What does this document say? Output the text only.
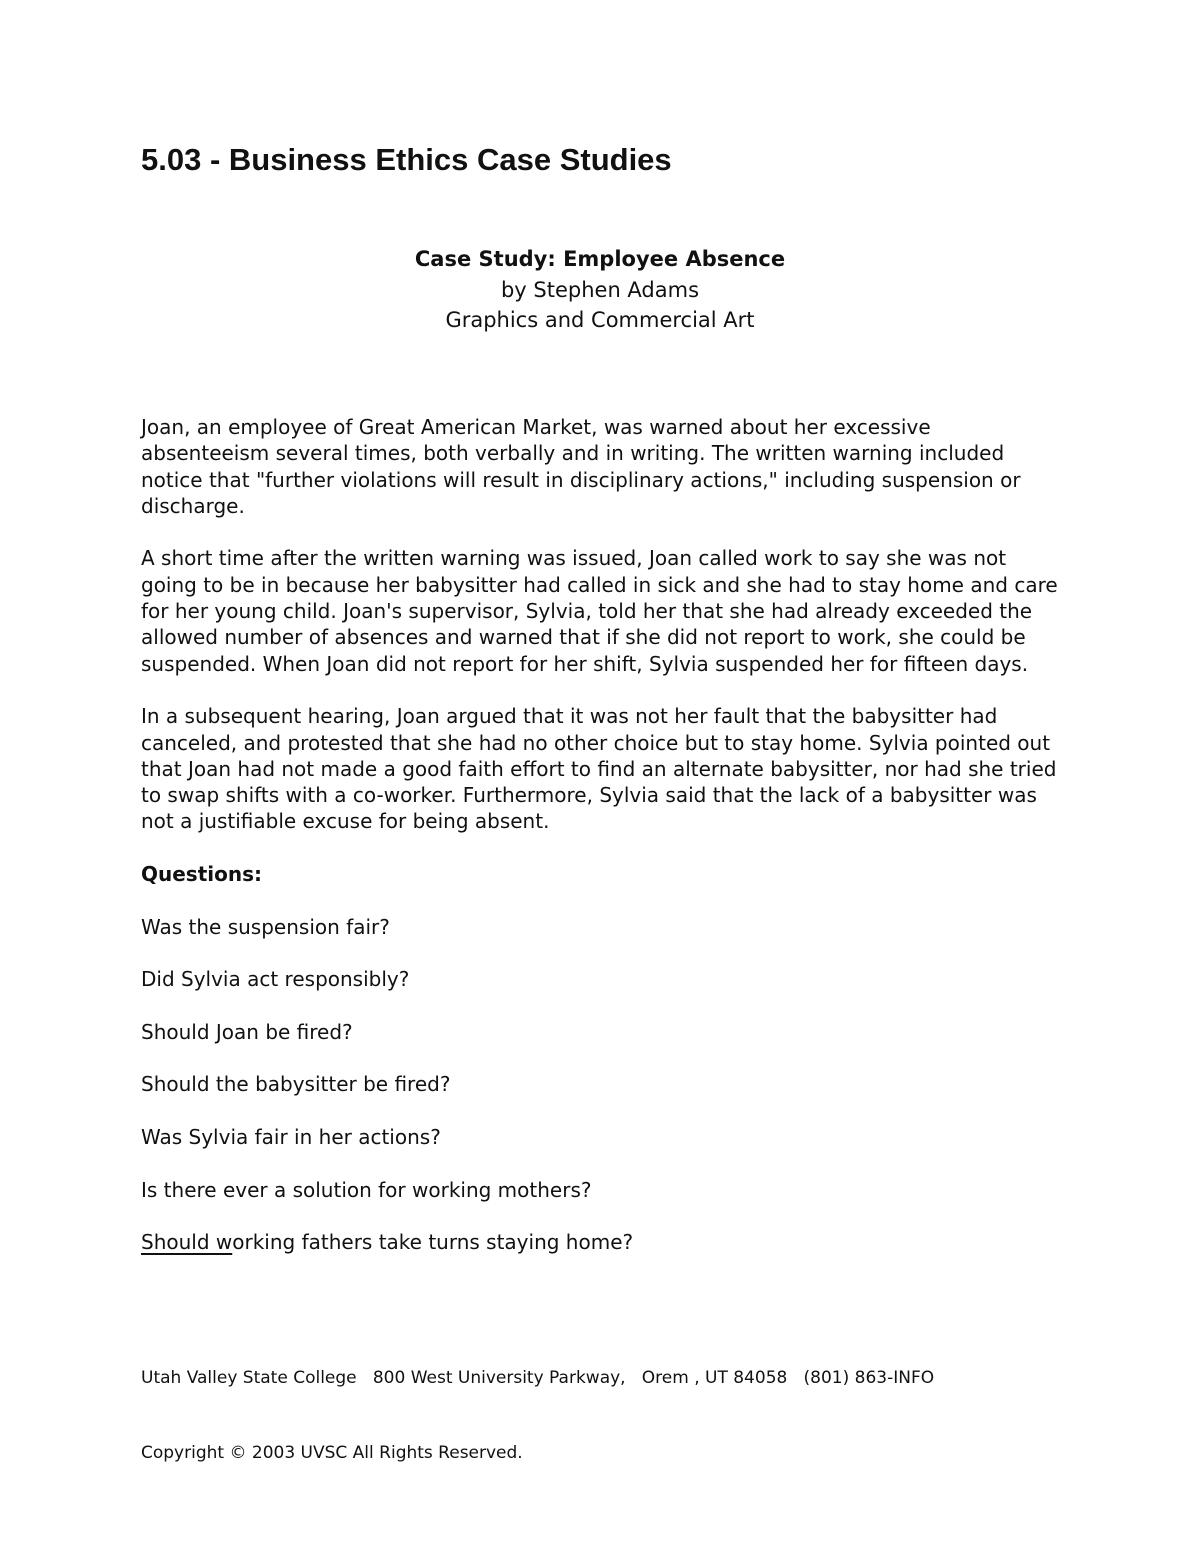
5.03 - Business Ethics Case Studies
Case Study: Employee Absence
by Stephen Adams
Graphics and Commercial Art

Joan, an employee of Great American Market, was warned about her excessive absenteeism several times, both verbally and in writing. The written warning included notice that "further violations will result in disciplinary actions," including suspension or discharge.

A short time after the written warning was issued, Joan called work to say she was not going to be in because her babysitter had called in sick and she had to stay home and care for her young child. Joan's supervisor, Sylvia, told her that she had already exceeded the allowed number of absences and warned that if she did not report to work, she could be suspended. When Joan did not report for her shift, Sylvia suspended her for fifteen days.

In a subsequent hearing, Joan argued that it was not her fault that the babysitter had canceled, and protested that she had no other choice but to stay home. Sylvia pointed out that Joan had not made a good faith effort to find an alternate babysitter, nor had she tried to swap shifts with a co-worker. Furthermore, Sylvia said that the lack of a babysitter was not a justifiable excuse for being absent.

Questions:

Was the suspension fair?

Did Sylvia act responsibly?

Should Joan be fired?

Should the babysitter be fired?

Was Sylvia fair in her actions?

Is there ever a solution for working mothers?

Should working fathers take turns staying home?

Utah Valley State College   800 West University Parkway,   Orem , UT 84058   (801) 863-INFO

Copyright © 2003 UVSC All Rights Reserved.
